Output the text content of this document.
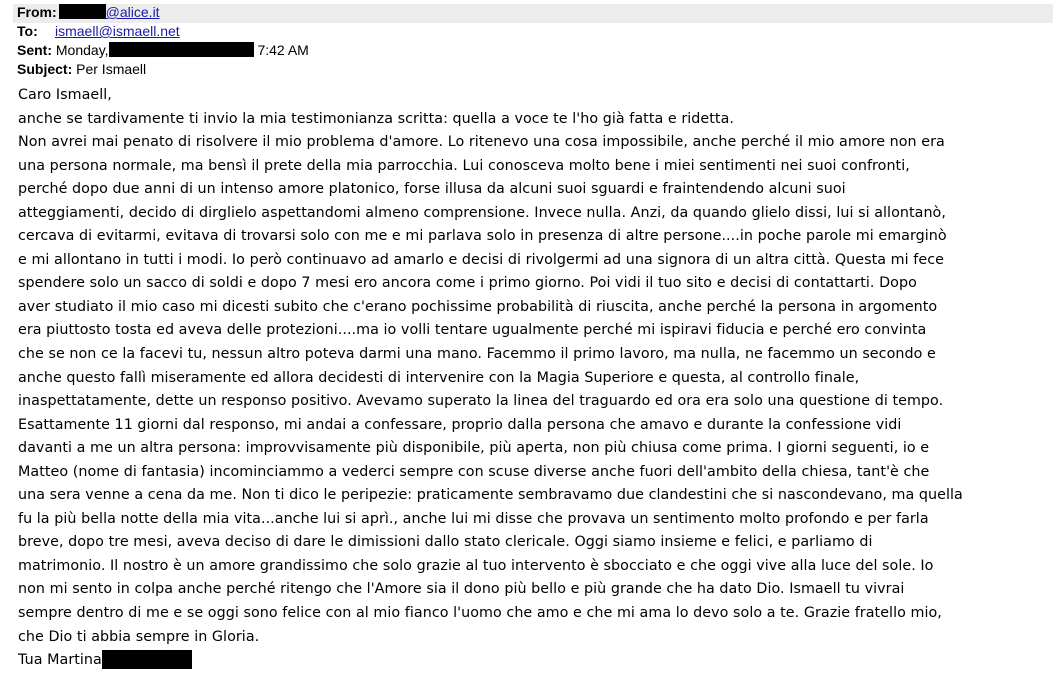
From:	@alice.it
To: ismaell@ismaell.net
Sent: Monday,	7:42 AM
Subject: Per Ismaell
Caro Ismaell,
anche se tardivamente ti invio la mia testimonianza scritta: quella a voce te l'ho già fatta e ridetta.
Non avrei mai penato di risolvere il mio problema d'amore. Lo ritenevo una cosa impossibile, anche perché il mio amore non era
una persona normale, ma bensì il prete della mia parrocchia. Lui conosceva molto bene i miei sentimenti nei suoi confronti,
perché dopo due anni di un intenso amore platonico, forse illusa da alcuni suoi sguardi e fraintendendo alcuni suoi
atteggiamenti, decido di dirglielo aspettandomi almeno comprensione. Invece nulla. Anzi, da quando glielo dissi, lui si allontanò,
cercava di evitarmi, evitava di trovarsi solo con me e mi parlava solo in presenza di altre persone....in poche parole mi emarginò
e mi allontano in tutti i modi. Io però continuavo ad amarlo e decisi di rivolgermi ad una signora di un altra città. Questa mi fece
spendere solo un sacco di soldi e dopo 7 mesi ero ancora come i primo giorno. Poi vidi il tuo sito e decisi di contattarti. Dopo
aver studiato il mio caso mi dicesti subito che c'erano pochissime probabilità di riuscita, anche perché la persona in argomento
era piuttosto tosta ed aveva delle protezioni....ma io volli tentare ugualmente perché mi ispiravi fiducia e perché ero convinta
che se non ce la facevi tu, nessun altro poteva darmi una mano. Facemmo il primo lavoro, ma nulla, ne facemmo un secondo e
anche questo fallì miseramente ed allora decidesti di intervenire con la Magia Superiore e questa, al controllo finale,
inaspettatamente, dette un responso positivo. Avevamo superato la linea del traguardo ed ora era solo una questione di tempo.
Esattamente 11 giorni dal responso, mi andai a confessare, proprio dalla persona che amavo e durante la confessione vidi
davanti a me un altra persona: improvvisamente più disponibile, più aperta, non più chiusa come prima. I giorni seguenti, io e
Matteo (nome di fantasia) incominciammo a vederci sempre con scuse diverse anche fuori dell'ambito della chiesa, tant'è che
una sera venne a cena da me. Non ti dico le peripezie: praticamente sembravamo due clandestini che si nascondevano, ma quella
fu la più bella notte della mia vita...anche lui si aprì., anche lui mi disse che provava un sentimento molto profondo e per farla
breve, dopo tre mesi, aveva deciso di dare le dimissioni dallo stato clericale. Oggi siamo insieme e felici, e parliamo di
matrimonio. Il nostro è un amore grandissimo che solo grazie al tuo intervento è sbocciato e che oggi vive alla luce del sole. Io
non mi sento in colpa anche perché ritengo che l'Amore sia il dono più bello e più grande che ha dato Dio. Ismaell tu vivrai
sempre dentro di me e se oggi sono felice con al mio fianco l'uomo che amo e che mi ama lo devo solo a te. Grazie fratello mio,
che Dio ti abbia sempre in Gloria.
Tua Martina
